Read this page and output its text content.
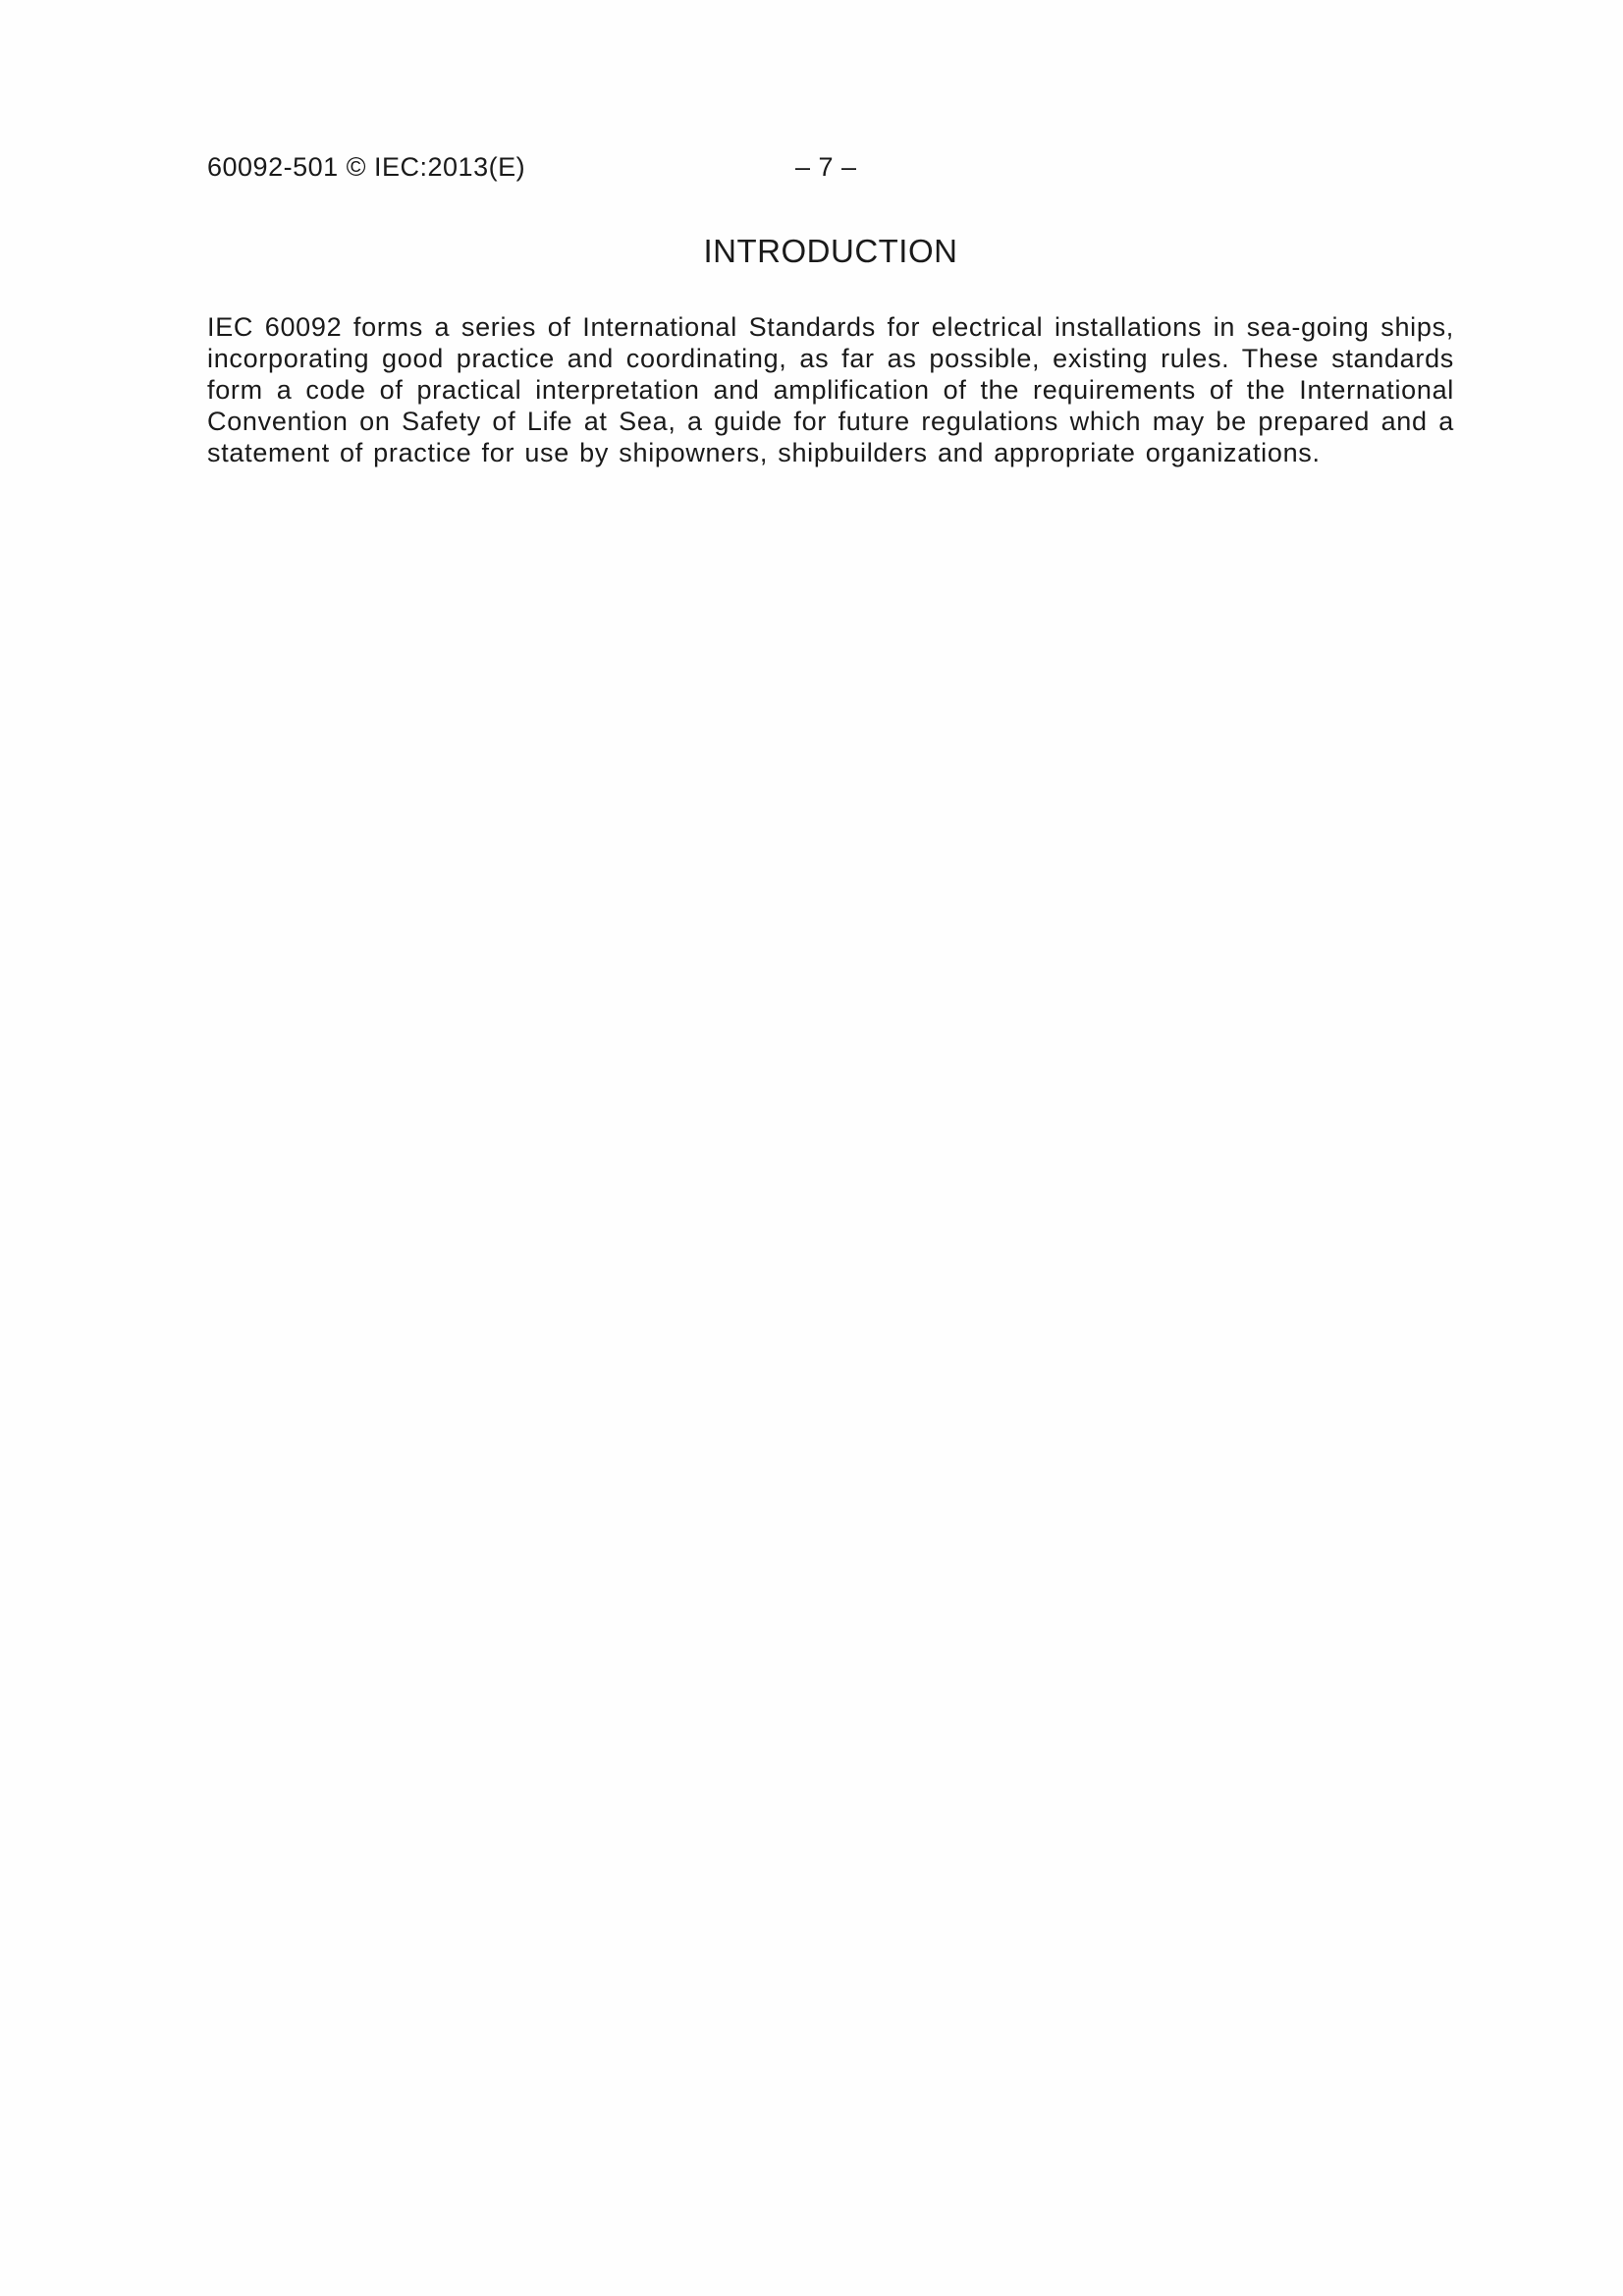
60092-501 © IEC:2013(E)	– 7 –
INTRODUCTION

IEC 60092 forms a series of International Standards for electrical installations in sea-going ships, incorporating good practice and coordinating, as far as possible, existing rules. These standards form a code of practical interpretation and amplification of the requirements of the International Convention on Safety of Life at Sea, a guide for future regulations which may be prepared and a statement of practice for use by shipowners, shipbuilders and appropriate organizations.
